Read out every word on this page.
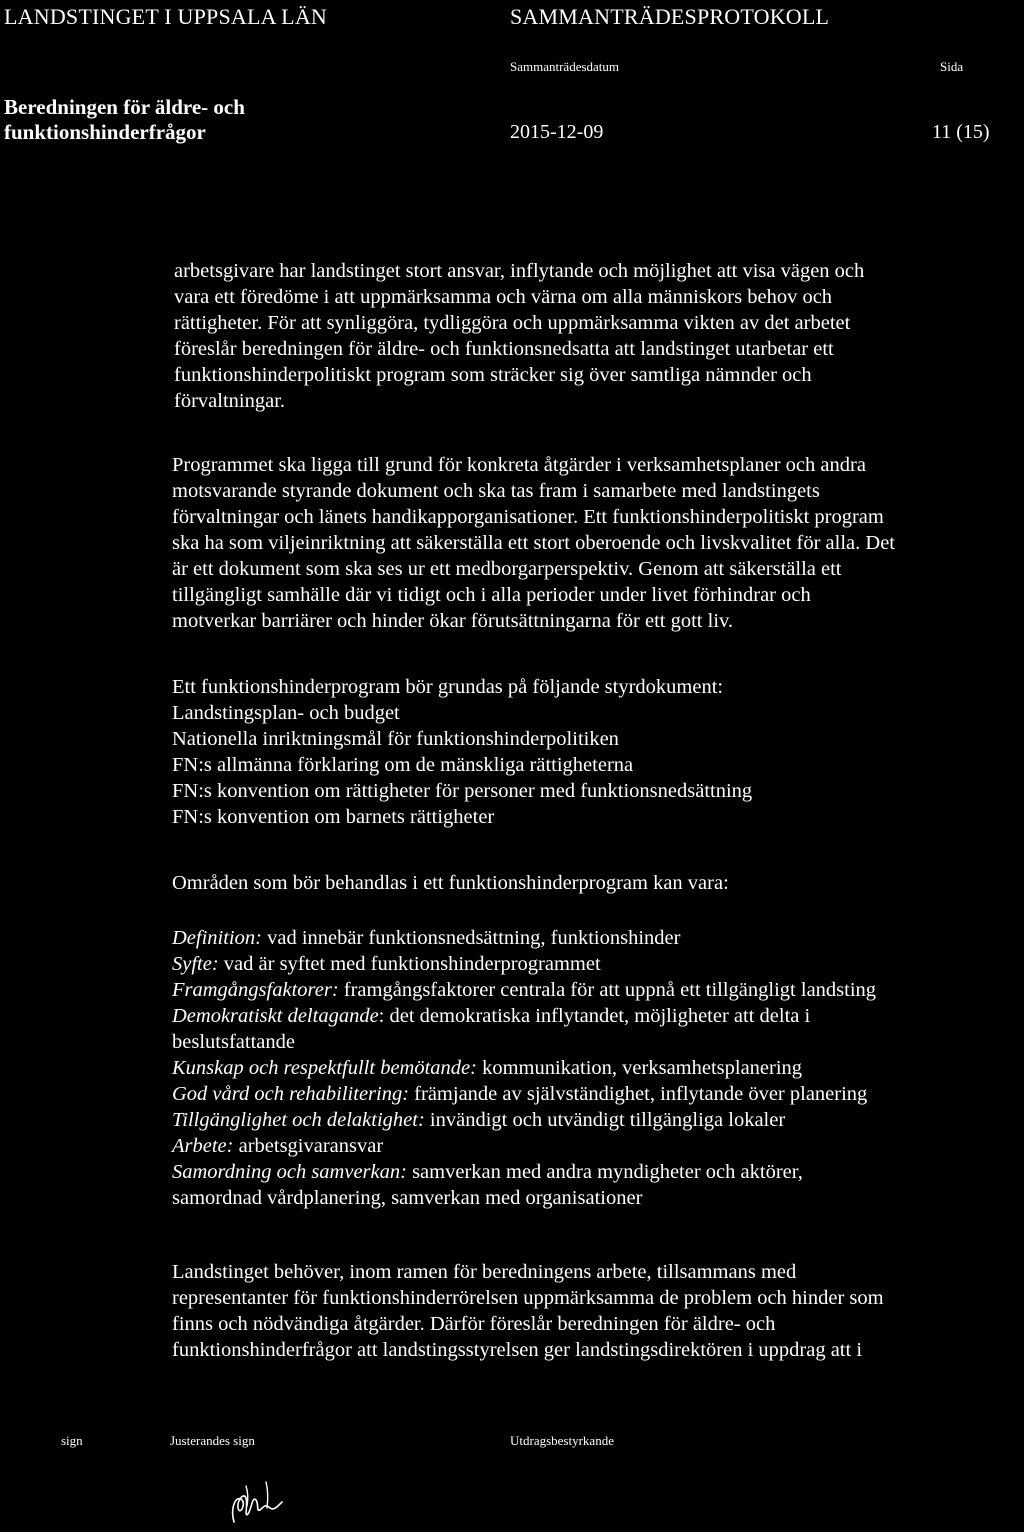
LANDSTINGET I UPPSALA LÄN	SAMMANTRÄDESPROTOKOLL
Sammanträdesdatum	Sida
Beredningen för äldre- och
funktionshinderfrågor	2015-12-09	11 (15)
arbetsgivare har landstinget stort ansvar, inflytande och möjlighet att visa vägen och
vara ett föredöme i att uppmärksamma och värna om alla människors behov och
rättigheter. För att synliggöra, tydliggöra och uppmärksamma vikten av det arbetet
föreslår beredningen för äldre- och funktionsnedsatta att landstinget utarbetar ett
funktionshinderpolitiskt program som sträcker sig över samtliga nämnder och
förvaltningar.
Programmet ska ligga till grund för konkreta åtgärder i verksamhetsplaner och andra
motsvarande styrande dokument och ska tas fram i samarbete med landstingets
förvaltningar och länets handikapporganisationer. Ett funktionshinderpolitiskt program
ska ha som viljeinriktning att säkerställa ett stort oberoende och livskvalitet för alla. Det
är ett dokument som ska ses ur ett medborgarperspektiv. Genom att säkerställa ett
tillgängligt samhälle där vi tidigt och i alla perioder under livet förhindrar och
motverkar barriärer och hinder ökar förutsättningarna för ett gott liv.
Ett funktionshinderprogram bör grundas på följande styrdokument:
Landstingsplan- och budget
Nationella inriktningsmål för funktionshinderpolitiken
FN:s allmänna förklaring om de mänskliga rättigheterna
FN:s konvention om rättigheter för personer med funktionsnedsättning
FN:s konvention om barnets rättigheter
Områden som bör behandlas i ett funktionshinderprogram kan vara:
Definition: vad innebär funktionsnedsättning, funktionshinder
Syfte: vad är syftet med funktionshinderprogrammet
Framgångsfaktorer: framgångsfaktorer centrala för att uppnå ett tillgängligt landsting
Demokratiskt deltagande: det demokratiska inflytandet, möjligheter att delta i
beslutsfattande
Kunskap och respektfullt bemötande: kommunikation, verksamhetsplanering
God vård och rehabilitering: främjande av självständighet, inflytande över planering
Tillgänglighet och delaktighet: invändigt och utvändigt tillgängliga lokaler
Arbete: arbetsgivaransvar
Samordning och samverkan: samverkan med andra myndigheter och aktörer,
samordnad vårdplanering, samverkan med organisationer
Landstinget behöver, inom ramen för beredningens arbete, tillsammans med
representanter för funktionshinderrörelsen uppmärksamma de problem och hinder som
finns och nödvändiga åtgärder. Därför föreslår beredningen för äldre- och
funktionshinderfrågor att landstingsstyrelsen ger landstingsdirektören i uppdrag att i
sign	Justerandes sign	Utdragsbestyrkande
